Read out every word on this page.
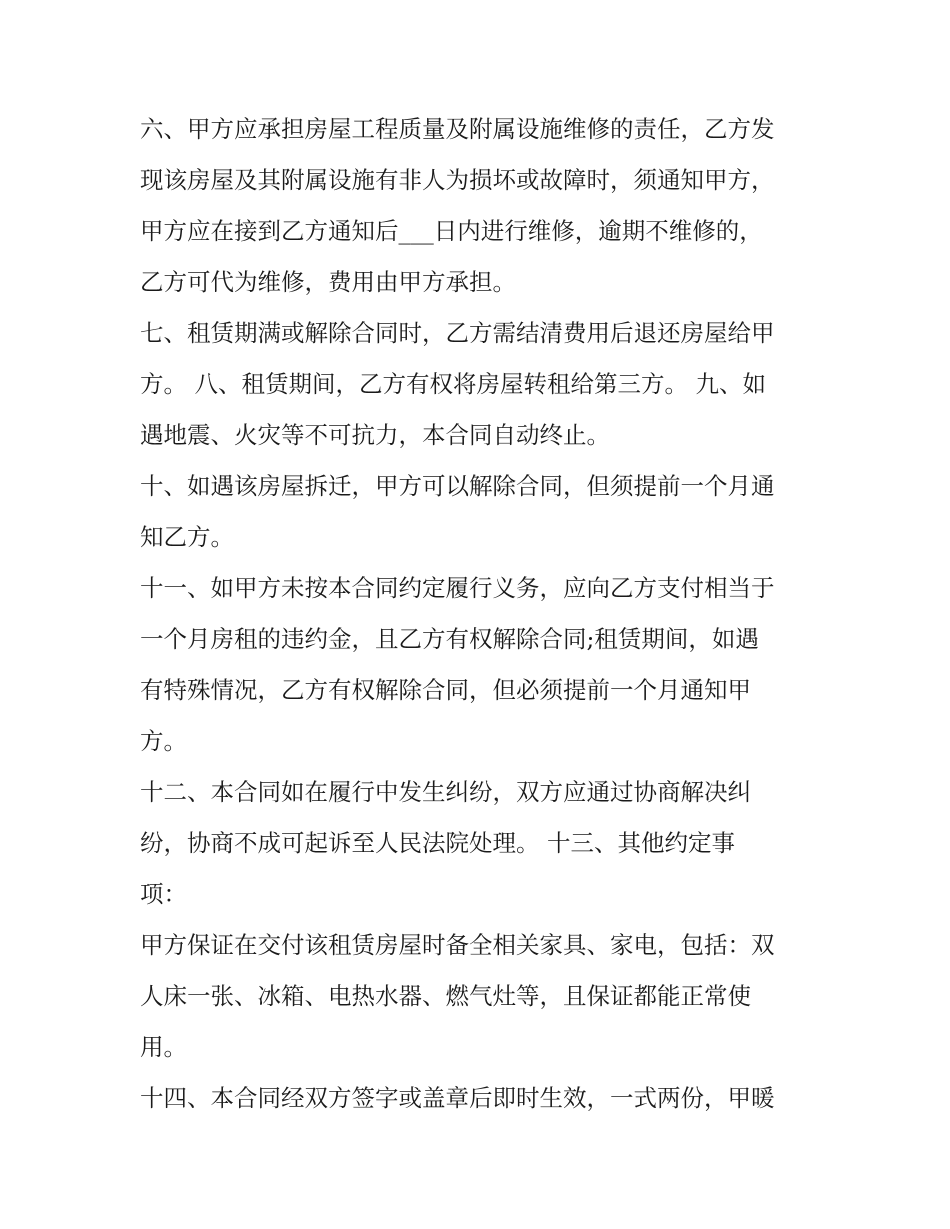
六、甲方应承担房屋工程质量及附属设施维修的责任，乙方发
现该房屋及其附属设施有非人为损坏或故障时，须通知甲方，
甲方应在接到乙方通知后___日内进行维修，逾期不维修的，
乙方可代为维修，费用由甲方承担。
七、租赁期满或解除合同时，乙方需结清费用后退还房屋给甲
方。 八、租赁期间，乙方有权将房屋转租给第三方。 九、如
遇地震、火灾等不可抗力，本合同自动终止。
十、如遇该房屋拆迁，甲方可以解除合同，但须提前一个月通
知乙方。
十一、如甲方未按本合同约定履行义务，应向乙方支付相当于
一个月房租的违约金，且乙方有权解除合同;租赁期间，如遇
有特殊情况，乙方有权解除合同，但必须提前一个月通知甲
方。
十二、本合同如在履行中发生纠纷，双方应通过协商解决纠
纷，协商不成可起诉至人民法院处理。 十三、其他约定事
项：
甲方保证在交付该租赁房屋时备全相关家具、家电，包括：双
人床一张、冰箱、电热水器、燃气灶等，且保证都能正常使
用。
十四、本合同经双方签字或盖章后即时生效，一式两份，甲暖
